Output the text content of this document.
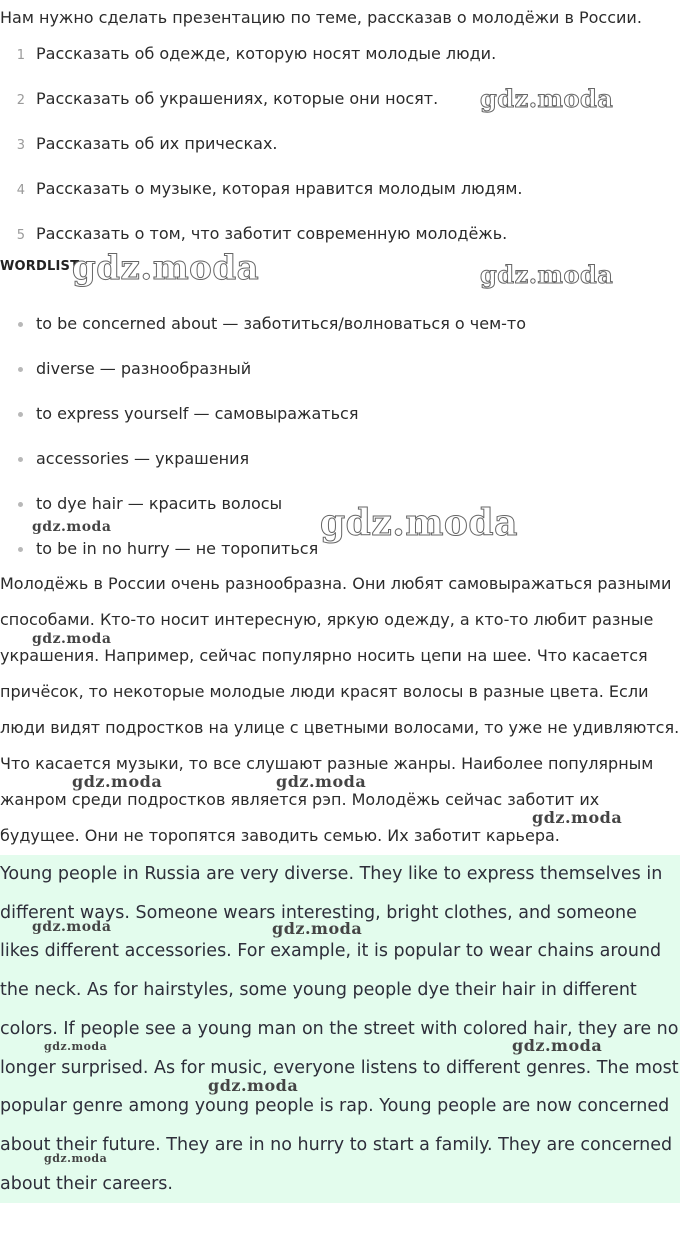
Нам нужно сделать презентацию по теме, рассказав о молодёжи в России.
1 Рассказать об одежде, которую носят молодые люди.
2 Рассказать об украшениях, которые они носят.
3 Рассказать об их прическах.
4 Рассказать о музыке, которая нравится молодым людям.
5 Рассказать о том, что заботит современную молодёжь.
WORDLIST
to be concerned about — заботиться/волноваться о чем-то
diverse — разнообразный
to express yourself — самовыражаться
accessories — украшения
to dye hair — красить волосы
to be in no hurry — не торопиться
Молодёжь в России очень разнообразна. Они любят самовыражаться разными способами. Кто-то носит интересную, яркую одежду, а кто-то любит разные украшения. Например, сейчас популярно носить цепи на шее. Что касается причёсок, то некоторые молодые люди красят волосы в разные цвета. Если люди видят подростков на улице с цветными волосами, то уже не удивляются. Что касается музыки, то все слушают разные жанры. Наиболее популярным жанром среди подростков является рэп. Молодёжь сейчас заботит их будущее. Они не торопятся заводить семью. Их заботит карьера.

Young people in Russia are very diverse. They like to express themselves in different ways. Someone wears interesting, bright clothes, and someone likes different accessories. For example, it is popular to wear chains around the neck. As for hairstyles, some young people dye their hair in different colors. If people see a young man on the street with colored hair, they are no longer surprised. As for music, everyone listens to different genres. The most popular genre among young people is rap. Young people are now concerned about their future. They are in no hurry to start a family. They are concerned about their careers.

gdz.moda
gdz.moda	gdz.moda
gdz.moda
gdz.moda
gdz.moda
gdz.moda	gdz.moda
gdz.moda
gdz.moda	gdz.moda
gdz.moda	gdz.moda
gdz.moda
gdz.moda
